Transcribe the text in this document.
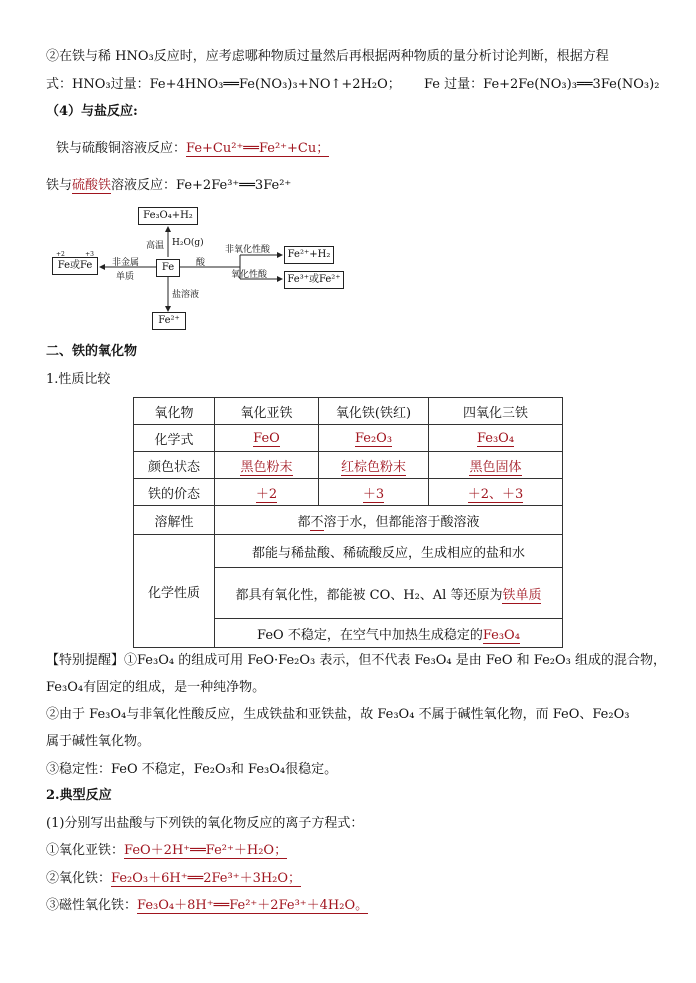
②在铁与稀 HNO₃反应时，应考虑哪种物质过量然后再根据两种物质的量分析讨论判断，根据方程
式：HNO₃过量：Fe+4HNO₃══Fe(NO₃)₃+NO↑+2H₂O； Fe 过量：Fe+2Fe(NO₃)₃══3Fe(NO₃)₂
（4）与盐反应:
铁与硫酸铜溶液反应：Fe+Cu²⁺══Fe²⁺+Cu；
铁与硫酸铁溶液反应：Fe+2Fe³⁺══3Fe²⁺
Fe₃O₄+H₂
高温 H₂O(g)
+2	+3
Fe或Fe	非金属
单质
Fe	酸
非氧化性酸
氧化性酸
Fe²⁺+H₂
Fe³⁺或Fe²⁺
盐溶液
Fe²⁺
二、铁的氧化物
1.性质比较
氧化物	氧化亚铁	氧化铁(铁红)	四氧化三铁
化学式	FeO	Fe₂O₃	Fe₃O₄
颜色状态	黑色粉末	红棕色粉末	黑色固体
铁的价态	＋2	＋3	＋2、＋3
溶解性	都不溶于水，但都能溶于酸溶液		
化学性质	都能与稀盐酸、稀硫酸反应，生成相应的盐和水		
	都具有氧化性，都能被 CO、H₂、Al 等还原为铁单质		
	FeO 不稳定，在空气中加热生成稳定的Fe₃O₄		
【特别提醒】①Fe₃O₄ 的组成可用 FeO·Fe₂O₃ 表示，但不代表 Fe₃O₄ 是由 FeO 和 Fe₂O₃ 组成的混合物，
Fe₃O₄有固定的组成，是一种纯净物。
②由于 Fe₃O₄与非氧化性酸反应，生成铁盐和亚铁盐，故 Fe₃O₄ 不属于碱性氧化物，而 FeO、Fe₂O₃
属于碱性氧化物。
③稳定性：FeO 不稳定，Fe₂O₃和 Fe₃O₄很稳定。
2.典型反应
(1)分别写出盐酸与下列铁的氧化物反应的离子方程式：
①氧化亚铁：FeO＋2H⁺══Fe²⁺＋H₂O；
②氧化铁：Fe₂O₃＋6H⁺══2Fe³⁺＋3H₂O；
③磁性氧化铁：Fe₃O₄＋8H⁺══Fe²⁺＋2Fe³⁺＋4H₂O。
